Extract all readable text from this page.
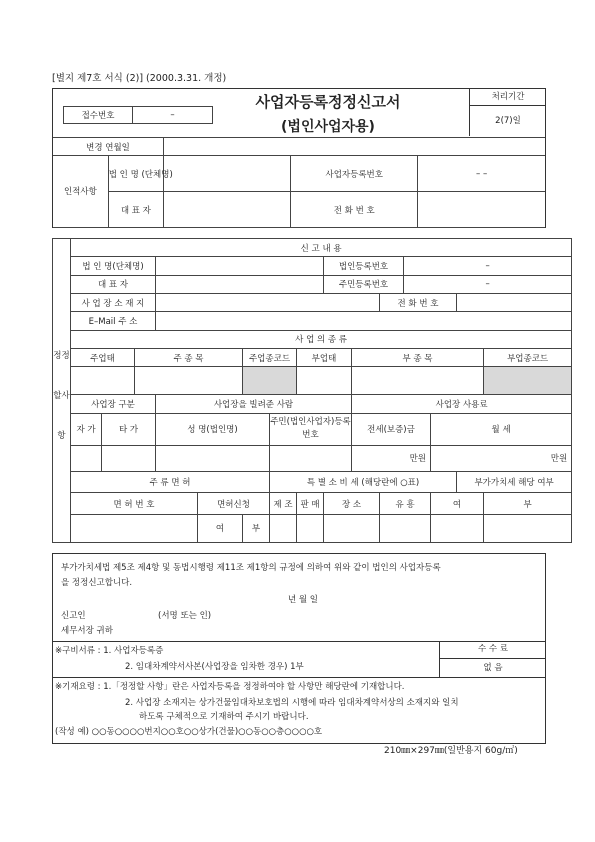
[별지 제7호 서식 (2)] (2000.3.31. 개정)
접수번호	–
사업자등록정정신고서
(법인사업자용)
처리기간
2(7)일
변경 연월일				
인적사항	법 인 명 (단체명)		사업자등록번호	– –
	대 표 자		전 화 번 호	
정정할사항	신 고 내 용														
	법 인 명(단체명)								법인등록번호			–			
	대 표 자								주민등록번호			–			
	사 업 장 소 재 지										전 화 번 호				
	E–Mail 주 소														
	사 업 의 종 류														
	주업태		주 종 목			주업종코드		부업태		부 종 목					부업종코드

	사업장 구분			사업장을 빌려준 사람						사업장 사용료					
	자 가	타 가		성 명(법인명)			주민(법인사업자)등록번호			전세(보증)금			월 세		
										만원			만원		
	주 류 면 허						특 별 소 비 세 (해당란에 ○표)							부가가치세 해당 여부	
	면 허 번 호				면허신청		제 조	판 매	장 소		유 흥		여		부
					여	부									
부가가치세법 제5조 제4항 및 동법시행령 제11조 제1항의 규정에 의하여 위와 같이 법인의 사업자등록
을 정정신고합니다.
년 월 일
신고인	(서명 또는 인)
세무서장 귀하
※구비서류 : 1. 사업자등록증
2. 임대차계약서사본(사업장을 임차한 경우) 1부
수 수 료
없 음
※기재요령 : 1.「정정할 사항」란은 사업자등록을 정정하여야 할 사항만 해당란에 기재합니다.
2. 사업장 소재지는 상가건물임대차보호법의 시행에 따라 임대차계약서상의 소재지와 일치
하도록 구체적으로 기재하여 주시기 바랍니다.
(작성 예) ○○동○○○○번지○○호○○상가(건물)○○동○○층○○○○호
210㎜×297㎜(일반용지 60g/㎡)
